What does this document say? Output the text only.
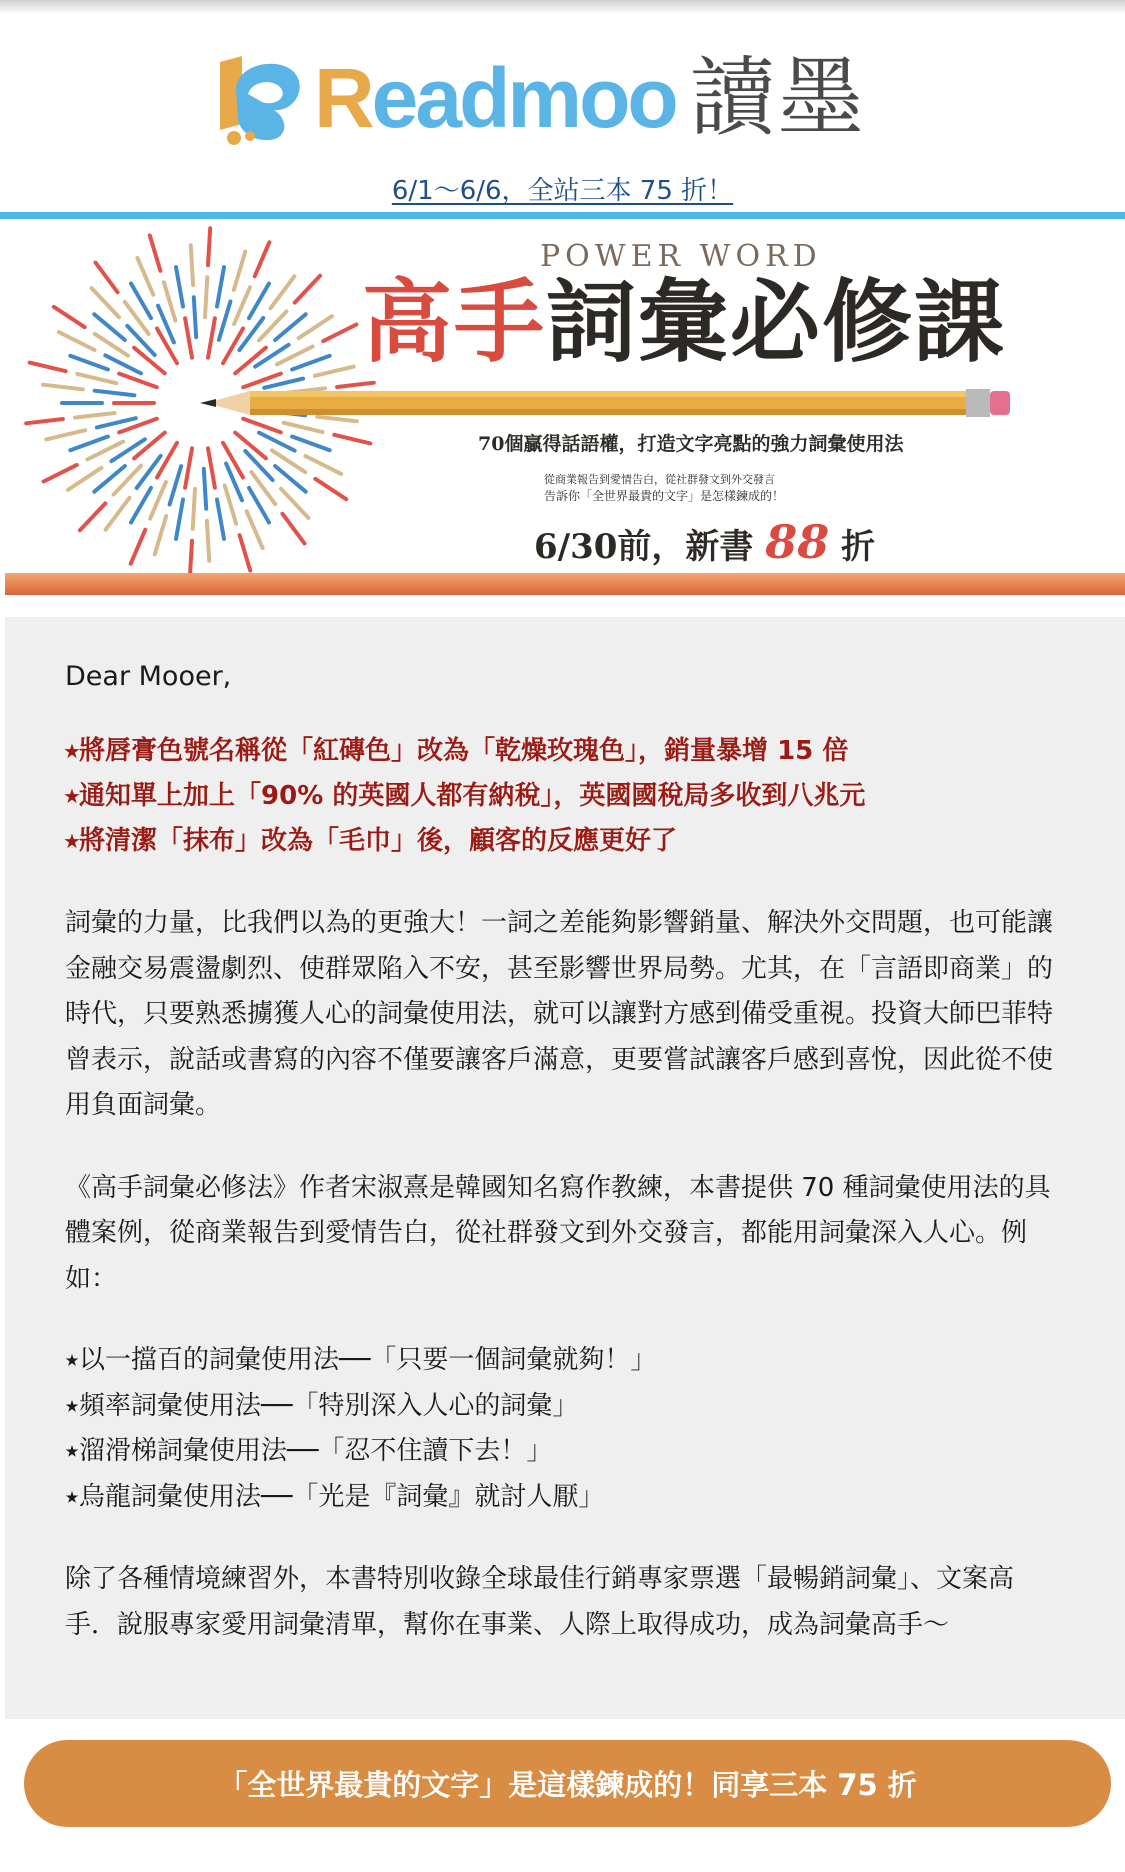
Readmoo 讀墨
6/1～6/6，全站三本 75 折！
POWER WORD
高手詞彙必修課
70個贏得話語權，打造文字亮點的強力詞彙使用法
從商業報告到愛情告白，從社群發文到外交發言
告訴你「全世界最貴的文字」是怎樣鍊成的！
6/30前，新書 88 折

Dear Mooer,

⭑將唇膏色號名稱從「紅磚色」改為「乾燥玫瑰色」，銷量暴增 15 倍

⭑通知單上加上「90% 的英國人都有納稅」，英國國稅局多收到八兆元

⭑將清潔「抹布」改為「毛巾」後，顧客的反應更好了

詞彙的力量，比我們以為的更強大！一詞之差能夠影響銷量、解決外交問題，也可能讓金融交易震盪劇烈、使群眾陷入不安，甚至影響世界局勢。尤其，在「言語即商業」的時代，只要熟悉擄獲人心的詞彙使用法，就可以讓對方感到備受重視。投資大師巴菲特曾表示，說話或書寫的內容不僅要讓客戶滿意，更要嘗試讓客戶感到喜悅，因此從不使用負面詞彙。

《高手詞彙必修法》作者宋淑熹是韓國知名寫作教練，本書提供 70 種詞彙使用法的具體案例，從商業報告到愛情告白，從社群發文到外交發言，都能用詞彙深入人心。例如：

⭑以一擋百的詞彙使用法──「只要一個詞彙就夠！」

⭑頻率詞彙使用法──「特別深入人心的詞彙」

⭑溜滑梯詞彙使用法──「忍不住讀下去！」

⭑烏龍詞彙使用法──「光是『詞彙』就討人厭」

除了各種情境練習外，本書特別收錄全球最佳行銷專家票選「最暢銷詞彙」、文案高手．說服專家愛用詞彙清單，幫你在事業、人際上取得成功，成為詞彙高手～

「全世界最貴的文字」是這樣鍊成的！同享三本 75 折
